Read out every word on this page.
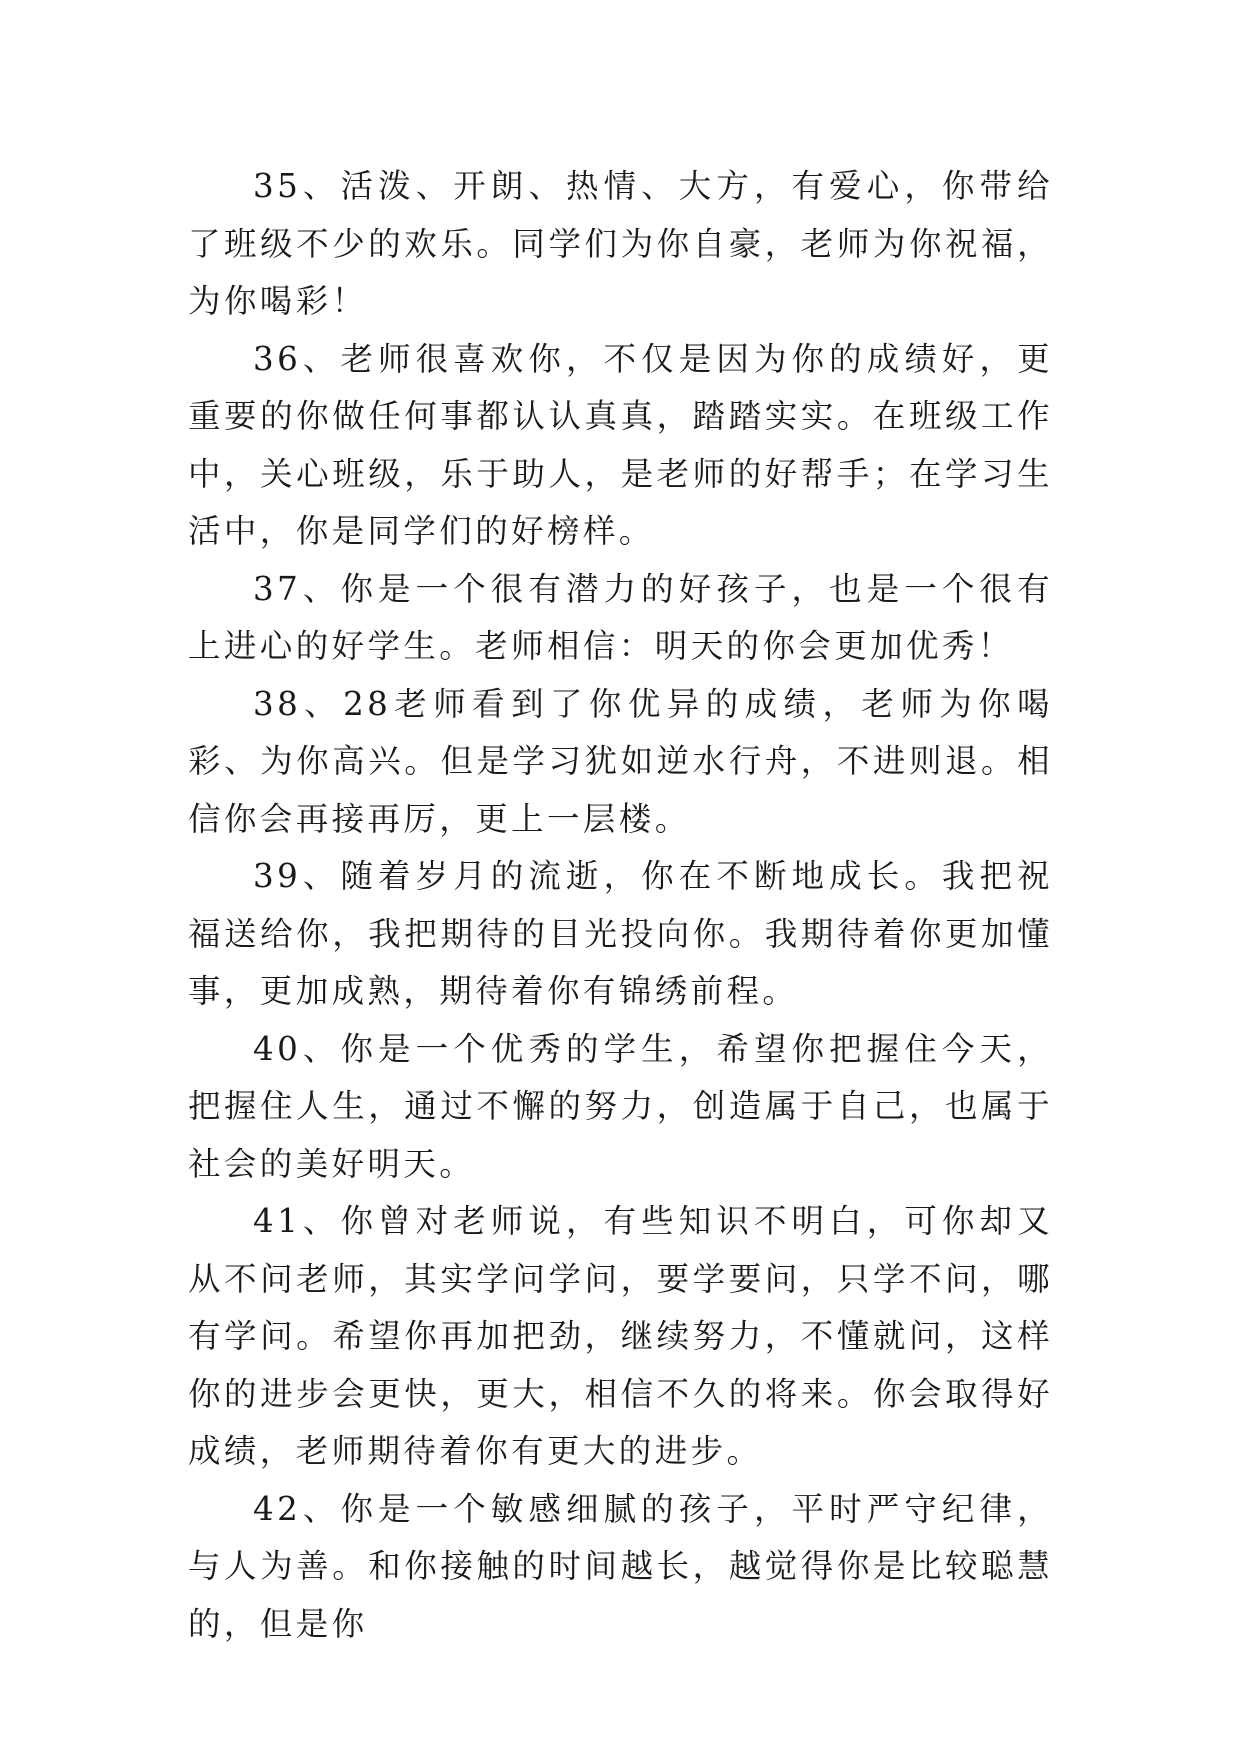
35、活泼、开朗、热情、大方，有爱心，你带给了班级不少的欢乐。同学们为你自豪，老师为你祝福，为你喝彩！

36、老师很喜欢你，不仅是因为你的成绩好，更重要的你做任何事都认认真真，踏踏实实。在班级工作中，关心班级，乐于助人，是老师的好帮手；在学习生活中，你是同学们的好榜样。

37、你是一个很有潜力的好孩子，也是一个很有上进心的好学生。老师相信：明天的你会更加优秀！

38、28老师看到了你优异的成绩，老师为你喝彩、为你高兴。但是学习犹如逆水行舟，不进则退。相信你会再接再厉，更上一层楼。

39、随着岁月的流逝，你在不断地成长。我把祝福送给你，我把期待的目光投向你。我期待着你更加懂事，更加成熟，期待着你有锦绣前程。

40、你是一个优秀的学生，希望你把握住今天，把握住人生，通过不懈的努力，创造属于自己，也属于社会的美好明天。

41、你曾对老师说，有些知识不明白，可你却又从不问老师，其实学问学问，要学要问，只学不问，哪有学问。希望你再加把劲，继续努力，不懂就问，这样你的进步会更快，更大，相信不久的将来。你会取得好成绩，老师期待着你有更大的进步。

42、你是一个敏感细腻的孩子，平时严守纪律，与人为善。和你接触的时间越长，越觉得你是比较聪慧的，但是你
